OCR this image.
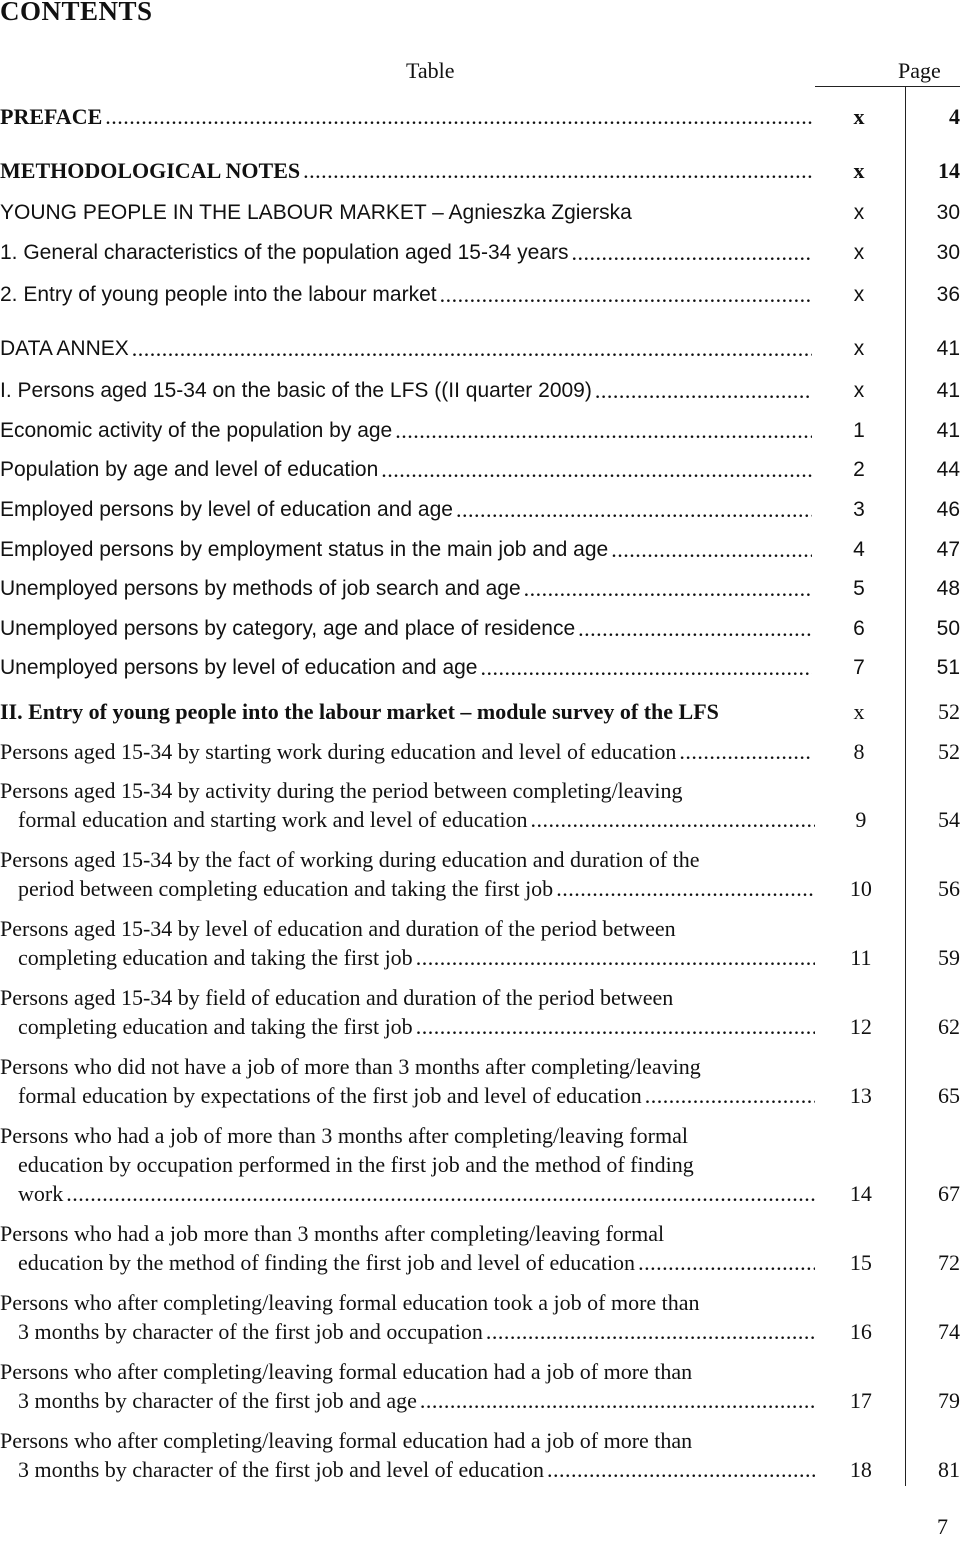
CONTENTS
Table	Page
PREFACE .....	x	4
METHODOLOGICAL NOTES .....	x	14
YOUNG PEOPLE IN THE LABOUR MARKET – Agnieszka Zgierska	x	30
1. General characteristics of the population aged 15-34 years .....	x	30
2. Entry of young people into the labour market .....	x	36
DATA ANNEX .....	x	41
I. Persons aged 15-34 on the basic of the LFS ((II quarter 2009) .....	x	41
Economic activity of the population by age .....	1	41
Population by age and level of education .....	2	44
Employed persons by level of education and age .....	3	46
Employed persons by employment status in the main job and age .....	4	47
Unemployed persons by methods of job search and age .....	5	48
Unemployed persons by category, age and place of residence .....	6	50
Unemployed persons by level of education and age .....	7	51
II. Entry of young people into the labour market – module survey of the LFS	x	52
Persons aged 15-34 by starting work during education and level of education .....	8	52
Persons aged 15-34 by activity during the period between completing/leaving
formal education and starting work and level of education .....	9	54
Persons aged 15-34 by the fact of working during education and duration of the
period between completing education and taking the first job .....	10	56
Persons aged 15-34 by level of education and duration of the period between
completing education and taking the first job .....	11	59
Persons aged 15-34 by field of education and duration of the period between
completing education and taking the first job .....	12	62
Persons who did not have a job of more than 3 months after completing/leaving
formal education by expectations of the first job and level of education .....	13	65
Persons who had a job of more than 3 months after completing/leaving formal
education by occupation performed in the first job and the method of finding
work .....	14	67
Persons who had a job more than 3 months after completing/leaving formal
education by the method of finding the first job and level of education .....	15	72
Persons who after completing/leaving formal education took a job of more than
3 months by character of the first job and occupation .....	16	74
Persons who after completing/leaving formal education had a job of more than
3 months by character of the first job and age .....	17	79
Persons who after completing/leaving formal education had a job of more than
3 months by character of the first job and level of education .....	18	81
7
